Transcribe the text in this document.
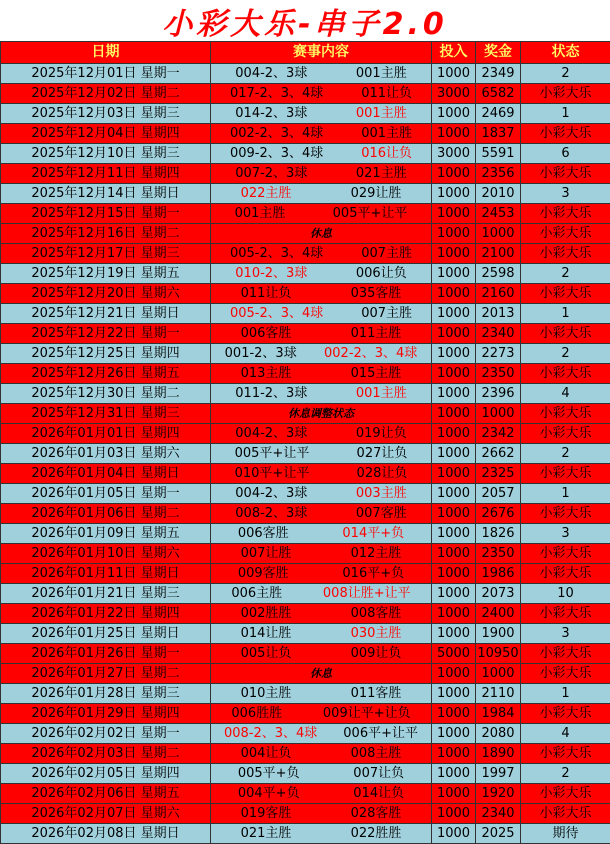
小彩大乐-串子2.0
日期	赛事内容	投入	奖金	状态
2025年12月01日 星期一	004-2、3球 001主胜	1000	2349	2
2025年12月02日 星期二	017-2、3、4球 011让负	3000	6582	小彩大乐
2025年12月03日 星期三	014-2、3球 001主胜	1000	2469	1
2025年12月04日 星期四	002-2、3、4球 001主胜	1000	1837	小彩大乐
2025年12月10日 星期三	009-2、3、4球 016让负	3000	5591	6
2025年12月11日 星期四	007-2、3球 021主胜	1000	2356	小彩大乐
2025年12月14日 星期日	022主胜 029让胜	1000	2010	3
2025年12月15日 星期一	001主胜 005平+让平	1000	2453	小彩大乐
2025年12月16日 星期二	休息	1000	1000	小彩大乐
2025年12月17日 星期三	005-2、3、4球 007主胜	1000	2100	小彩大乐
2025年12月19日 星期五	010-2、3球 006让负	1000	2598	2
2025年12月20日 星期六	011让负 035客胜	1000	2160	小彩大乐
2025年12月21日 星期日	005-2、3、4球 007主胜	1000	2013	1
2025年12月22日 星期一	006客胜 011主胜	1000	2340	小彩大乐
2025年12月25日 星期四	001-2、3球 002-2、3、4球	1000	2273	2
2025年12月26日 星期五	013主胜 015主胜	1000	2350	小彩大乐
2025年12月30日 星期二	011-2、3球 001主胜	1000	2396	4
2025年12月31日 星期三	休息调整状态	1000	1000	小彩大乐
2026年01月01日 星期四	004-2、3球 019让负	1000	2342	小彩大乐
2026年01月03日 星期六	005平+让平 027让负	1000	2662	2
2026年01月04日 星期日	010平+让平 028让负	1000	2325	小彩大乐
2026年01月05日 星期一	004-2、3球 003主胜	1000	2057	1
2026年01月06日 星期二	008-2、3球 007客胜	1000	2676	小彩大乐
2026年01月09日 星期五	006客胜 014平+负	1000	1826	3
2026年01月10日 星期六	007让胜 012主胜	1000	2350	小彩大乐
2026年01月11日 星期日	009客胜 016平+负	1000	1986	小彩大乐
2026年01月21日 星期三	006主胜 008让胜+让平	1000	2073	10
2026年01月22日 星期四	002胜胜 008客胜	1000	2400	小彩大乐
2026年01月25日 星期日	014让胜 030主胜	1000	1900	3
2026年01月26日 星期一	005让负 009让负	5000	10950	小彩大乐
2026年01月27日 星期二	休息	1000	1000	小彩大乐
2026年01月28日 星期三	010主胜 011客胜	1000	2110	1
2026年01月29日 星期四	006胜胜 009让平+让负	1000	1984	小彩大乐
2026年02月02日 星期一	008-2、3、4球 006平+让平	1000	2080	4
2026年02月03日 星期二	004让负 008主胜	1000	1890	小彩大乐
2026年02月05日 星期四	005平+负 007让负	1000	1997	2
2026年02月06日 星期五	004平+负 014让负	1000	1920	小彩大乐
2026年02月07日 星期六	019客胜 028客胜	1000	2340	小彩大乐
2026年02月08日 星期日	021主胜 022胜胜	1000	2025	期待
